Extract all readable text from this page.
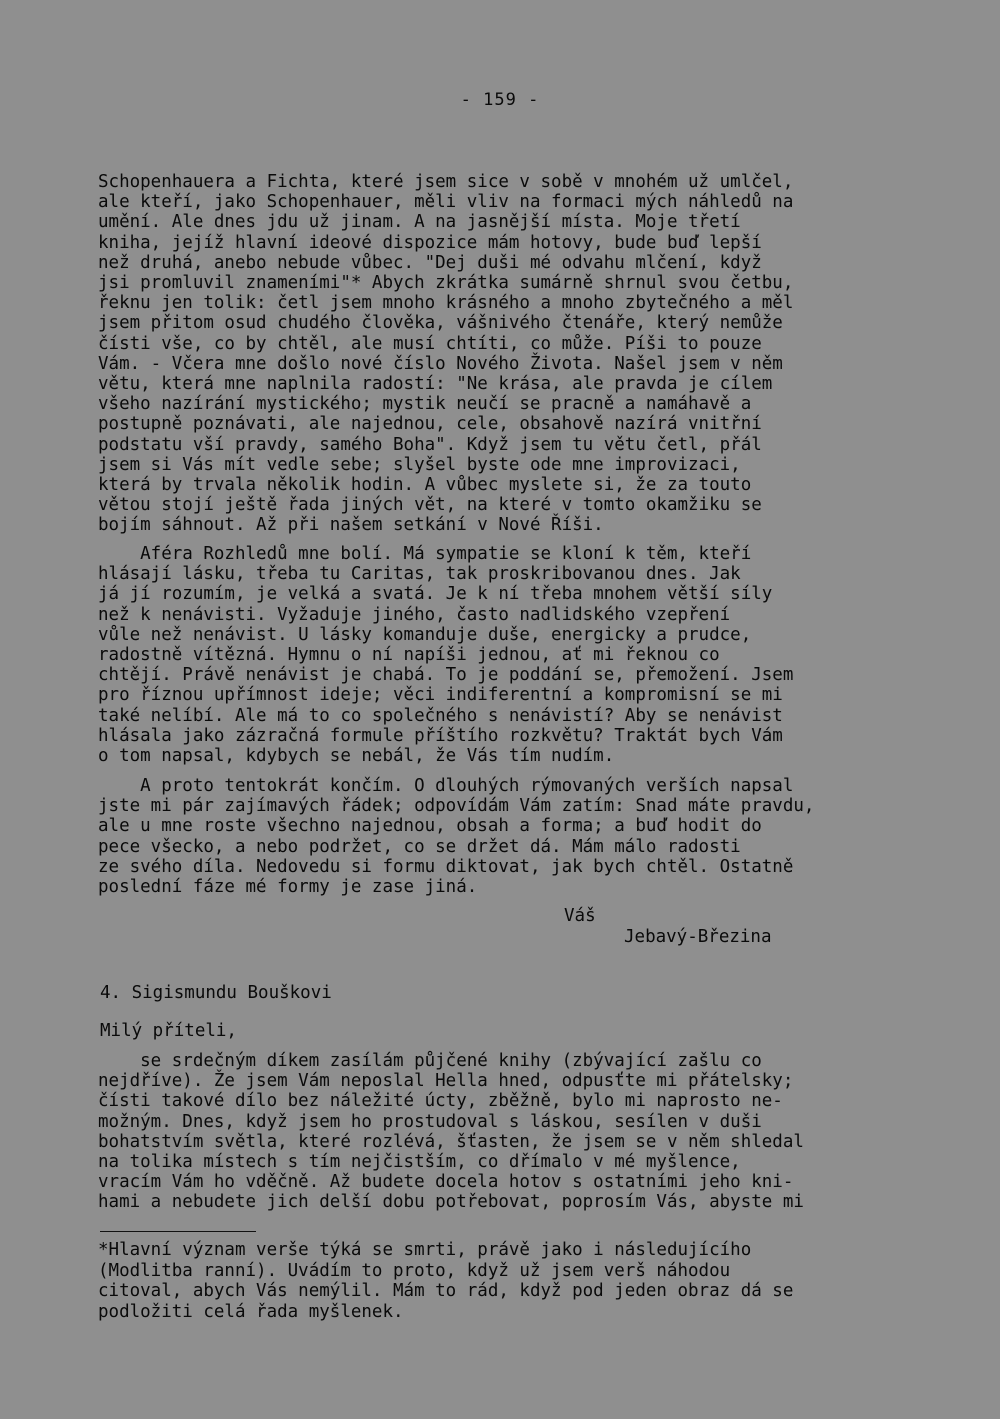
- 159 -
Schopenhauera a Fichta, které jsem sice v sobě v mnohém už umlčel,
ale kteří, jako Schopenhauer, měli vliv na formaci mých náhledů na
umění. Ale dnes jdu už jinam. A na jasnější místa. Moje třetí
kniha, jejíž hlavní ideové dispozice mám hotovy, bude buď lepší
než druhá, anebo nebude vůbec. "Dej duši mé odvahu mlčení, když
jsi promluvil znameními"* Abych zkrátka sumárně shrnul svou četbu,
řeknu jen tolik: četl jsem mnoho krásného a mnoho zbytečného a měl
jsem přitom osud chudého člověka, vášnivého čtenáře, který nemůže
čísti vše, co by chtěl, ale musí chtíti, co může. Píši to pouze
Vám. - Včera mne došlo nové číslo Nového Života. Našel jsem v něm
větu, která mne naplnila radostí: "Ne krása, ale pravda je cílem
všeho nazírání mystického; mystik neučí se pracně a namáhavě a
postupně poznávati, ale najednou, cele, obsahově nazírá vnitřní
podstatu vší pravdy, samého Boha". Když jsem tu větu četl, přál
jsem si Vás mít vedle sebe; slyšel byste ode mne improvizaci,
která by trvala několik hodin. A vůbec myslete si, že za touto
větou stojí ještě řada jiných vět, na které v tomto okamžiku se
bojím sáhnout. Až při našem setkání v Nové Říši.
Aféra Rozhledů mne bolí. Má sympatie se kloní k těm, kteří
hlásají lásku, třeba tu Caritas, tak proskribovanou dnes. Jak
já jí rozumím, je velká a svatá. Je k ní třeba mnohem větší síly
než k nenávisti. Vyžaduje jiného, často nadlidského vzepření
vůle než nenávist. U lásky komanduje duše, energicky a prudce,
radostně vítězná. Hymnu o ní napíši jednou, ať mi řeknou co
chtějí. Právě nenávist je chabá. To je poddání se, přemožení. Jsem
pro říznou upřímnost ideje; věci indiferentní a kompromisní se mi
také nelíbí. Ale má to co společného s nenávistí? Aby se nenávist
hlásala jako zázračná formule příštího rozkvětu? Traktát bych Vám
o tom napsal, kdybych se nebál, že Vás tím nudím.
A proto tentokrát končím. O dlouhých rýmovaných verších napsal
jste mi pár zajímavých řádek; odpovídám Vám zatím: Snad máte pravdu,
ale u mne roste všechno najednou, obsah a forma; a buď hodit do
pece všecko, a nebo podržet, co se držet dá. Mám málo radosti
ze svého díla. Nedovedu si formu diktovat, jak bych chtěl. Ostatně
poslední fáze mé formy je zase jiná.
Váš
Jebavý-Březina
4. Sigismundu Bouškovi
Milý příteli,
se srdečným díkem zasílám půjčené knihy (zbývající zašlu co
nejdříve). Že jsem Vám neposlal Hella hned, odpusťte mi přátelsky;
čísti takové dílo bez náležité úcty, zběžně, bylo mi naprosto ne-
možným. Dnes, když jsem ho prostudoval s láskou, sesílen v duši
bohatstvím světla, které rozlévá, šťasten, že jsem se v něm shledal
na tolika místech s tím nejčistším, co dřímalo v mé myšlence,
vracím Vám ho vděčně. Až budete docela hotov s ostatními jeho kni-
hami a nebudete jich delší dobu potřebovat, poprosím Vás, abyste mi
*Hlavní význam verše týká se smrti, právě jako i následujícího
(Modlitba ranní). Uvádím to proto, když už jsem verš náhodou
citoval, abych Vás nemýlil. Mám to rád, když pod jeden obraz dá se
podložiti celá řada myšlenek.
